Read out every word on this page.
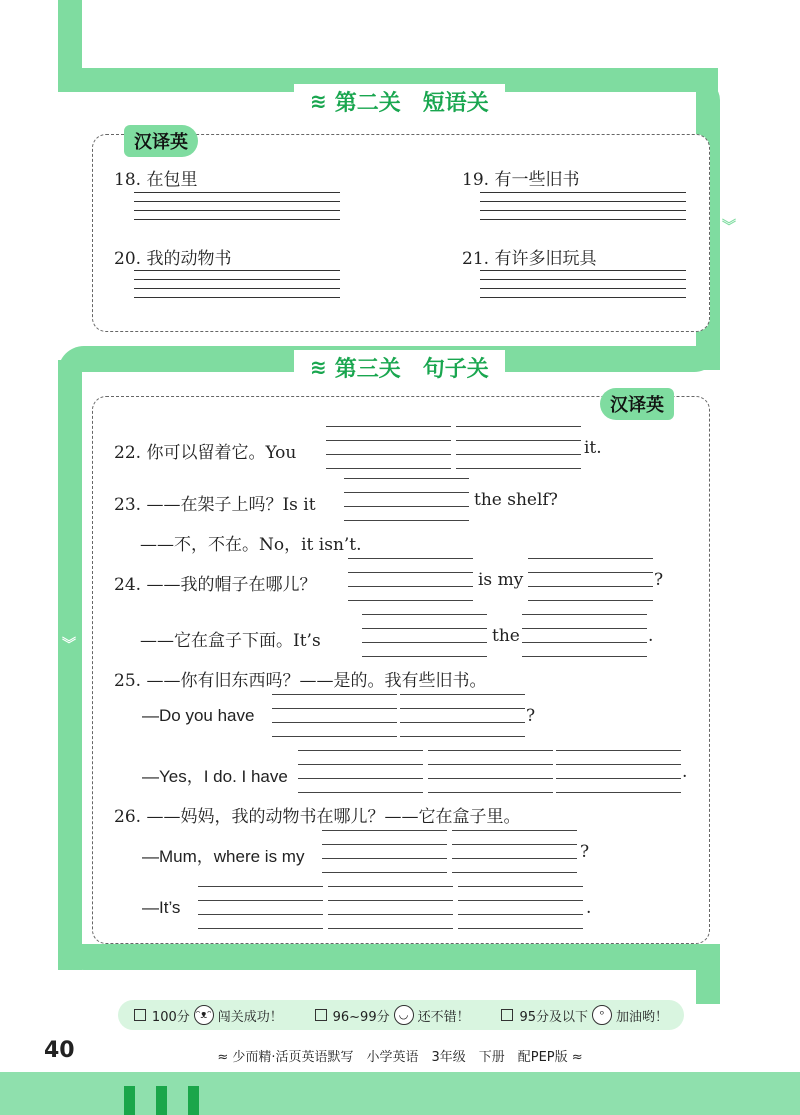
︾
︾
≋ 第二关　短语关
汉译英
18. 在包里	19. 有一些旧书
20. 我的动物书	21. 有许多旧玩具
≋ 第三关　句子关
汉译英
22. 你可以留着它。You	it.
23. ——在架子上吗？Is it	the shelf?
——不，不在。No，it isn’t.
24. ——我的帽子在哪儿？	is my	?
——它在盒子下面。It’s	the	.
25. ——你有旧东西吗？——是的。我有些旧书。
—Do you have	?
—Yes，I do. I have	.
26. ——妈妈，我的动物书在哪儿？——它在盒子里。
—Mum，where is my	?
—It’s	.
100分 ᵔᴥᵔ 闯关成功！	96~99分 ◡ 还不错！	95分及以下	ᵒ 加油哟！
40	≈ 少而精·活页英语默写　小学英语　3年级　下册　配PEP版 ≈
